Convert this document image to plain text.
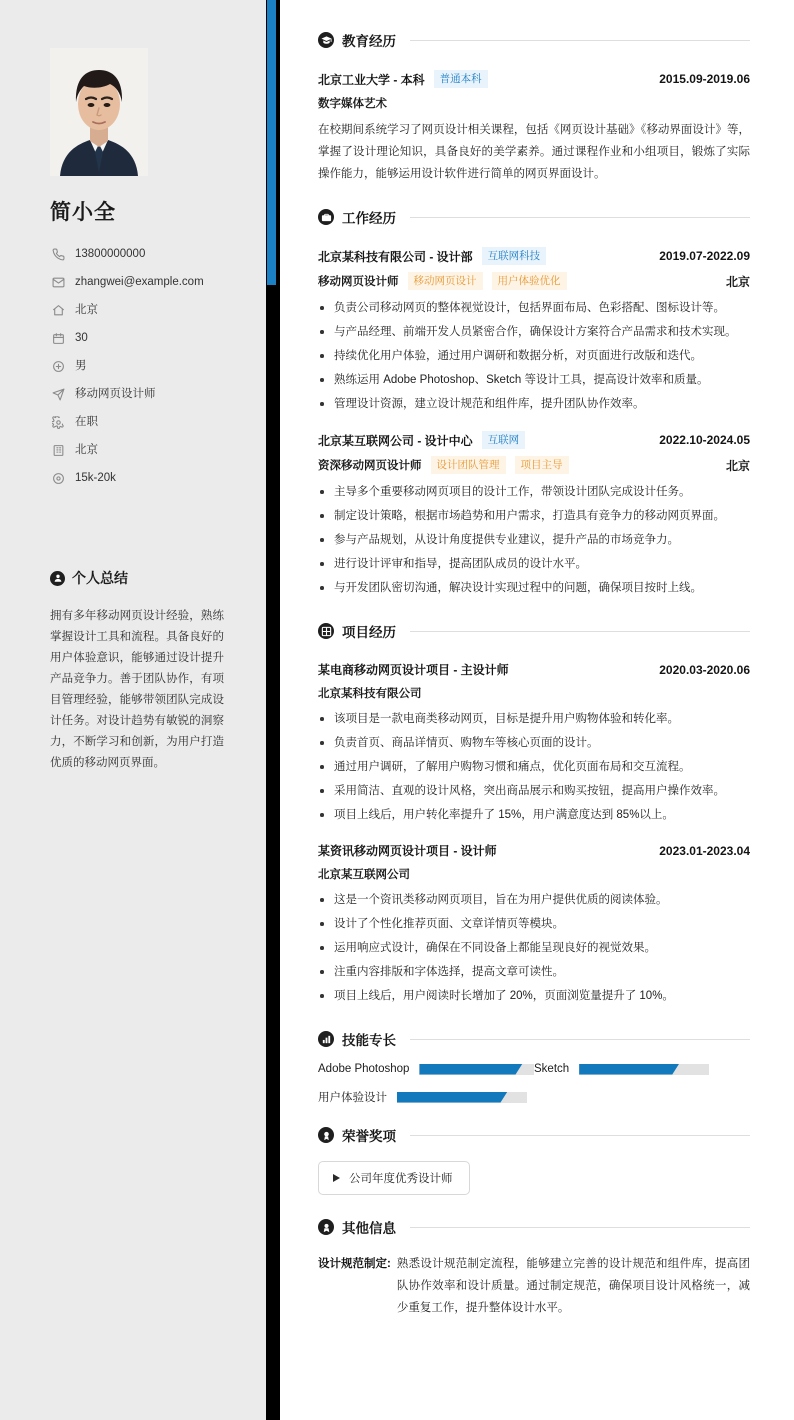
简小全
13800000000
zhangwei@example.com
北京
30
男
移动网页设计师
在职
北京
15k-20k
个人总结

拥有多年移动网页设计经验，熟练掌握设计工具和流程。具备良好的用户体验意识，能够通过设计提升产品竞争力。善于团队协作，有项目管理经验，能够带领团队完成设计任务。对设计趋势有敏锐的洞察力，不断学习和创新，为用户打造优质的移动网页界面。

教育经历
北京工业大学 - 本科	普通本科	2015.09-2019.06
数字媒体艺术

在校期间系统学习了网页设计相关课程，包括《网页设计基础》《移动界面设计》等，掌握了设计理论知识，具备良好的美学素养。通过课程作业和小组项目，锻炼了实际操作能力，能够运用设计软件进行简单的网页界面设计。

工作经历
北京某科技有限公司 - 设计部	互联网科技	2019.07-2022.09
移动网页设计师	移动网页设计	用户体验优化	北京
负责公司移动网页的整体视觉设计，包括界面布局、色彩搭配、图标设计等。
与产品经理、前端开发人员紧密合作，确保设计方案符合产品需求和技术实现。
持续优化用户体验，通过用户调研和数据分析，对页面进行改版和迭代。
熟练运用 Adobe Photoshop、Sketch 等设计工具，提高设计效率和质量。
管理设计资源，建立设计规范和组件库，提升团队协作效率。
北京某互联网公司 - 设计中心	互联网	2022.10-2024.05
资深移动网页设计师	设计团队管理	项目主导	北京
主导多个重要移动网页项目的设计工作，带领设计团队完成设计任务。
制定设计策略，根据市场趋势和用户需求，打造具有竞争力的移动网页界面。
参与产品规划，从设计角度提供专业建议，提升产品的市场竞争力。
进行设计评审和指导，提高团队成员的设计水平。
与开发团队密切沟通，解决设计实现过程中的问题，确保项目按时上线。
项目经历
某电商移动网页设计项目 - 主设计师	2020.03-2020.06
北京某科技有限公司
该项目是一款电商类移动网页，目标是提升用户购物体验和转化率。
负责首页、商品详情页、购物车等核心页面的设计。
通过用户调研，了解用户购物习惯和痛点，优化页面布局和交互流程。
采用简洁、直观的设计风格，突出商品展示和购买按钮，提高用户操作效率。
项目上线后，用户转化率提升了 15%，用户满意度达到 85%以上。
某资讯移动网页设计项目 - 设计师	2023.01-2023.04
北京某互联网公司
这是一个资讯类移动网页项目，旨在为用户提供优质的阅读体验。
设计了个性化推荐页面、文章详情页等模块。
运用响应式设计，确保在不同设备上都能呈现良好的视觉效果。
注重内容排版和字体选择，提高文章可读性。
项目上线后，用户阅读时长增加了 20%，页面浏览量提升了 10%。
技能专长
Adobe Photoshop	Sketch
用户体验设计
荣誉奖项
公司年度优秀设计师
其他信息
设计规范制定: 熟悉设计规范制定流程，能够建立完善的设计规范和组件库，提高团队协作效率和设计质量。通过制定规范，确保项目设计风格统一，减少重复工作，提升整体设计水平。
